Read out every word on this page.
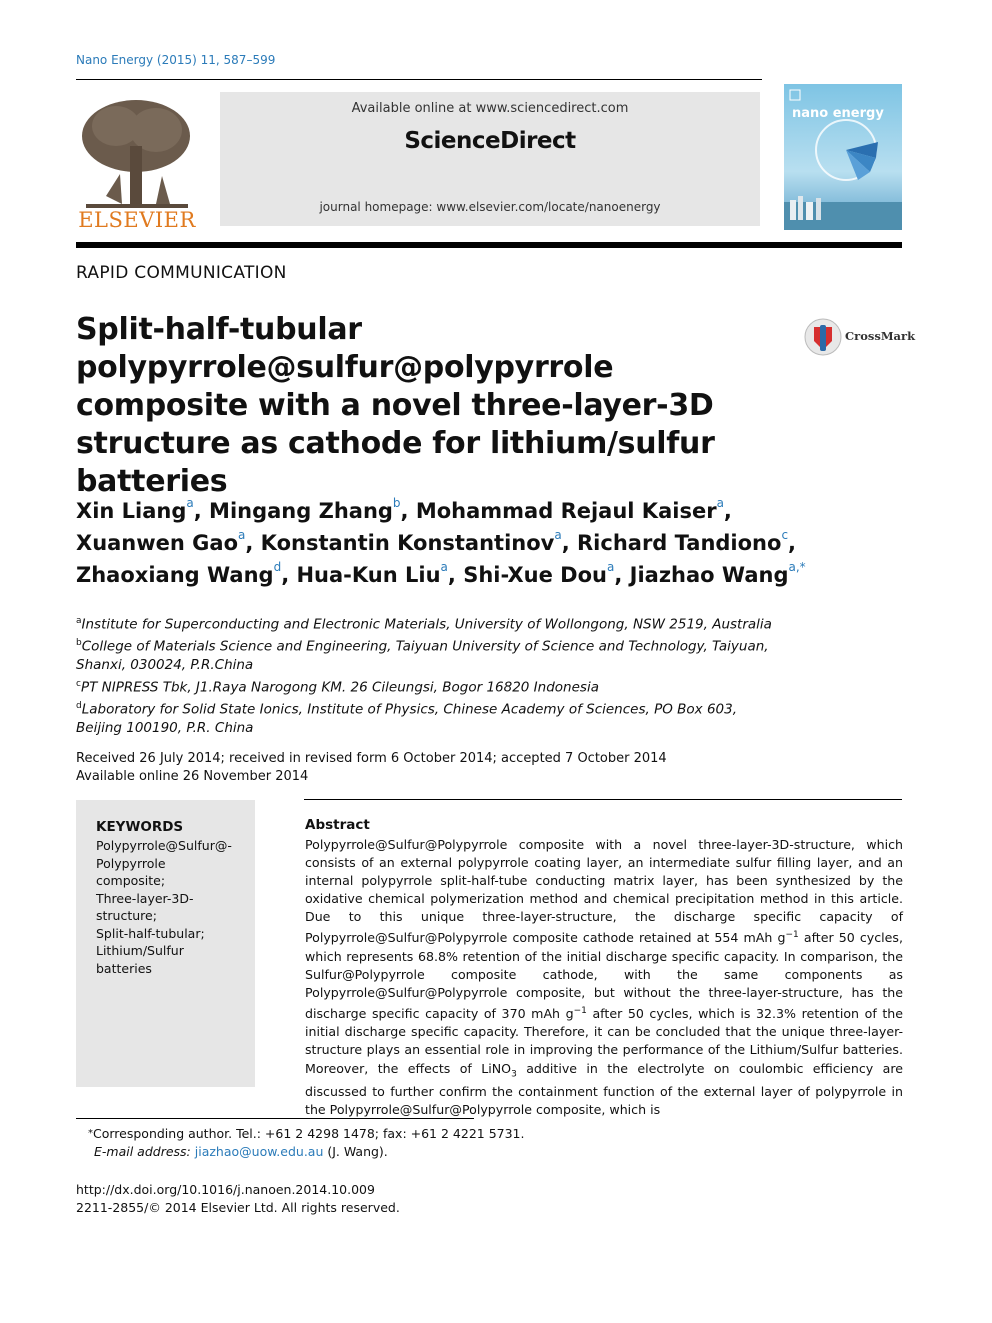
Nano Energy (2015) 11, 587–599
ELSEVIER
Available online at www.sciencedirect.com
ScienceDirect
journal homepage: www.elsevier.com/locate/nanoenergy
nano energy
RAPID COMMUNICATION
Split-half-tubular polypyrrole@sulfur@polypyrrole composite with a novel three-layer-3D structure as cathode for lithium/sulfur batteries
CrossMark
Xin Liang$^a$, Mingang Zhang$^b$, Mohammad Rejaul Kaiser$^a$,
Xuanwen Gao$^a$, Konstantin Konstantinov$^a$, Richard Tandiono$^c$,
Zhaoxiang Wang$^d$, Hua-Kun Liu$^a$, Shi-Xue Dou$^a$, Jiazhao Wang$^{a,*}$
$^a$Institute for Superconducting and Electronic Materials, University of Wollongong, NSW 2519, Australia
$^b$College of Materials Science and Engineering, Taiyuan University of Science and Technology, Taiyuan, Shanxi, 030024, P.R.China
$^c$PT NIPRESS Tbk, J1.Raya Narogong KM. 26 Cileungsi, Bogor 16820 Indonesia
$^d$Laboratory for Solid State Ionics, Institute of Physics, Chinese Academy of Sciences, PO Box 603, Beijing 100190, P.R. China
Received 26 July 2014; received in revised form 6 October 2014; accepted 7 October 2014
Available online 26 November 2014
KEYWORDS
Polypyrrole@Sulfur@-Polypyrrole composite;
Three-layer-3D-structure;
Split-half-tubular;
Lithium/Sulfur batteries
Abstract

Polypyrrole@Sulfur@Polypyrrole composite with a novel three-layer-3D-structure, which consists of an external polypyrrole coating layer, an intermediate sulfur filling layer, and an internal polypyrrole split-half-tube conducting matrix layer, has been synthesized by the oxidative chemical polymerization method and chemical precipitation method in this article. Due to this unique three-layer-structure, the discharge specific capacity of Polypyrrole@Sulfur@Polypyrrole composite cathode retained at 554 mAh $g^{-1}$ after 50 cycles, which represents 68.8% retention of the initial discharge specific capacity. In comparison, the Sulfur@Polypyrrole composite cathode, with the same components as Polypyrrole@Sulfur@Polypyrrole composite, but without the three-layer-structure, has the discharge specific capacity of 370 mAh $g^{-1}$ after 50 cycles, which is 32.3% retention of the initial discharge specific capacity. Therefore, it can be concluded that the unique three-layer-structure plays an essential role in improving the performance of the Lithium/Sulfur batteries. Moreover, the effects of LiNO$_3$ additive in the electrolyte on coulombic efficiency are discussed to further confirm the containment function of the external layer of polypyrrole in the Polypyrrole@Sulfur@Polypyrrole composite, which is

*Corresponding author. Tel.: +61 2 4298 1478; fax: +61 2 4221 5731.
E-mail address: jiazhao@uow.edu.au (J. Wang).
http://dx.doi.org/10.1016/j.nanoen.2014.10.009
2211-2855/© 2014 Elsevier Ltd. All rights reserved.
